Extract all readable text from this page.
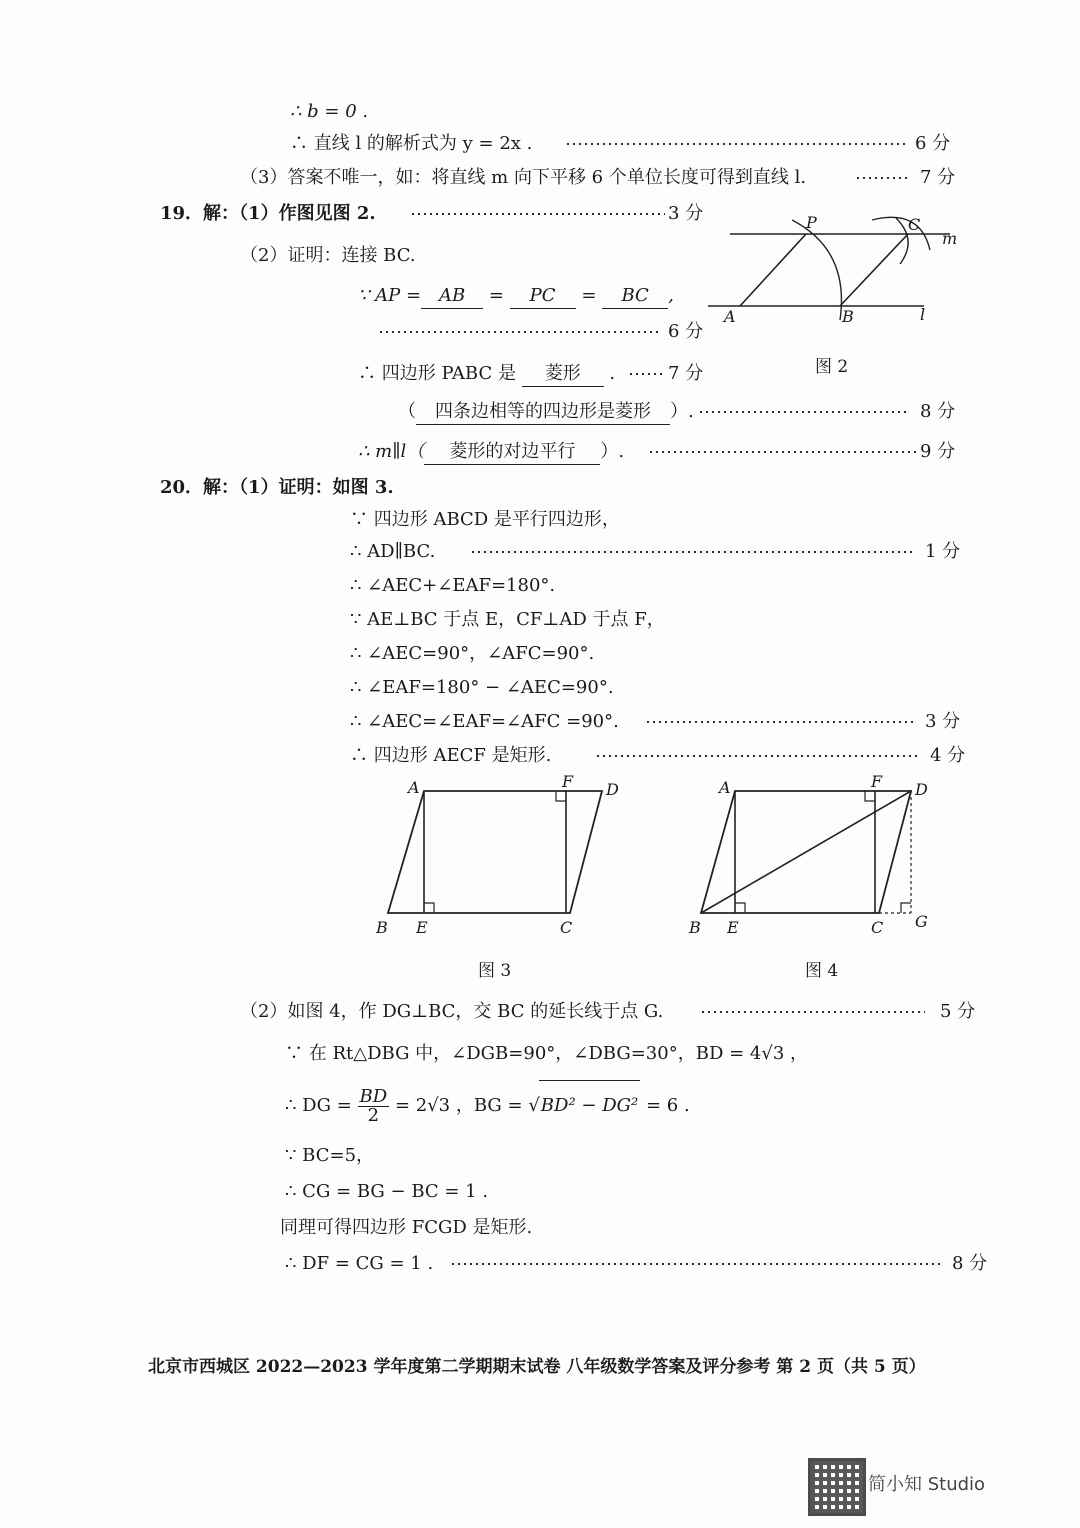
∴ b = 0 .
∴ 直线 l 的解析式为 y = 2x .	6 分
（3）答案不唯一，如：将直线 m 向下平移 6 个单位长度可得到直线 l.	7 分
19．解：（1）作图见图 2.	3 分
（2）证明：连接 BC.
∵ AP = AB = PC = BC ,
6 分
∴ 四边形 PABC 是 菱形 .	7 分
（ 四条边相等的四边形是菱形 ）.	8 分
∴ m∥l（ 菱形的对边平行 ）.	9 分
P	C
m
A	B	l
图 2
20．解：（1）证明：如图 3.
∵ 四边形 ABCD 是平行四边形，
∴ AD∥BC.	1 分
∴ ∠AEC+∠EAF=180°.
∵ AE⊥BC 于点 E，CF⊥AD 于点 F，
∴ ∠AEC=90°，∠AFC=90°.
∴ ∠EAF=180° − ∠AEC=90°.
∴ ∠AEC=∠EAF=∠AFC =90°.	3 分
∴ 四边形 AECF 是矩形.	4 分
A	F D
B E	C
图 3
A	F D
B E	C G
图 4
（2）如图 4，作 DG⊥BC，交 BC 的延长线于点 G.	5 分
∵ 在 Rt△DBG 中，∠DGB=90°，∠DBG=30°，BD = 4√3 ，
∴ DG = $\frac{BD}{2} = 2√3$ ，BG = √BD² − DG² = 6 .
∵ BC=5，
∴ CG = BG − BC = 1 .
同理可得四边形 FCGD 是矩形.
∴ DF = CG = 1 .	8 分
北京市西城区 2022—2023 学年度第二学期期末试卷 八年级数学答案及评分参考 第 2 页（共 5 页）
简小知 Studio
